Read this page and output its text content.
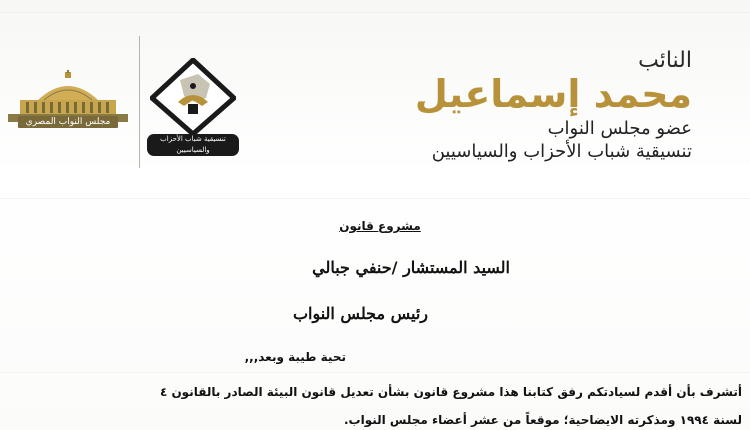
مجلس النواب المصري
تنسيقية شباب الأحزاب والسياسيين
النائب
محمد إسماعيل
عضو مجلس النواب
تنسيقية شباب الأحزاب والسياسيين
مشروع قانون
السيد المستشار /حنفي جبالي
رئيس مجلس النواب
تحية طيبة وبعد,,,
أتشرف بأن أقدم لسيادتكم رفق كتابنا هذا مشروع قانون بشأن تعديل قانون البيئة الصادر بالقانون ٤
لسنة ١٩٩٤ ومذكرته الايضاحية؛ موقعاً من عشر أعضاء مجلس النواب.
